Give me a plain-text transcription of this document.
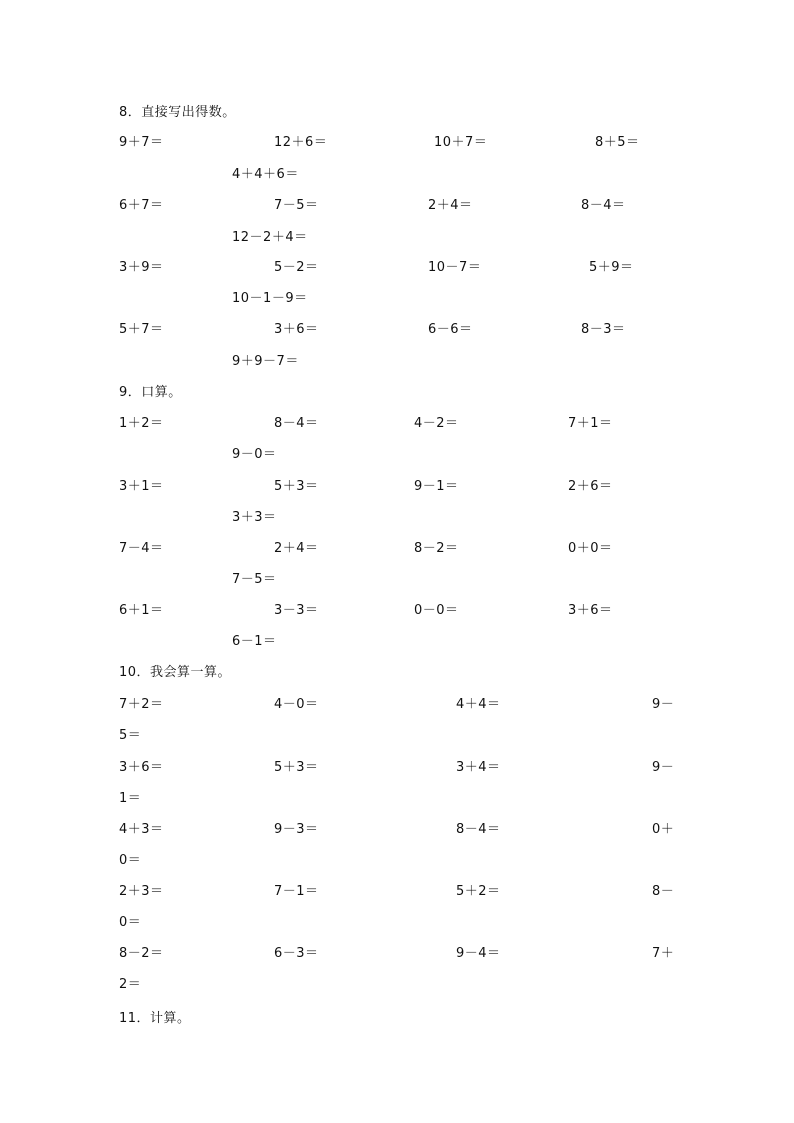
8．直接写出得数。
9＋7＝	12＋6＝	10＋7＝	8＋5＝
4＋4＋6＝
6＋7＝	7－5＝	2＋4＝	8－4＝
12－2＋4＝
3＋9＝	5－2＝	10－7＝	5＋9＝
10－1－9＝
5＋7＝	3＋6＝	6－6＝	8－3＝
9＋9－7＝
9．口算。
1＋2＝	8－4＝	4－2＝	7＋1＝
9－0＝
3＋1＝	5＋3＝	9－1＝	2＋6＝
3＋3＝
7－4＝	2＋4＝	8－2＝	0＋0＝
7－5＝
6＋1＝	3－3＝	0－0＝	3＋6＝
6－1＝
10．我会算一算。
7＋2＝	4－0＝	4＋4＝	9－
5＝
3＋6＝	5＋3＝	3＋4＝	9－
1＝
4＋3＝	9－3＝	8－4＝	0＋
0＝
2＋3＝	7－1＝	5＋2＝	8－
0＝
8－2＝	6－3＝	9－4＝	7＋
2＝
11．计算。
